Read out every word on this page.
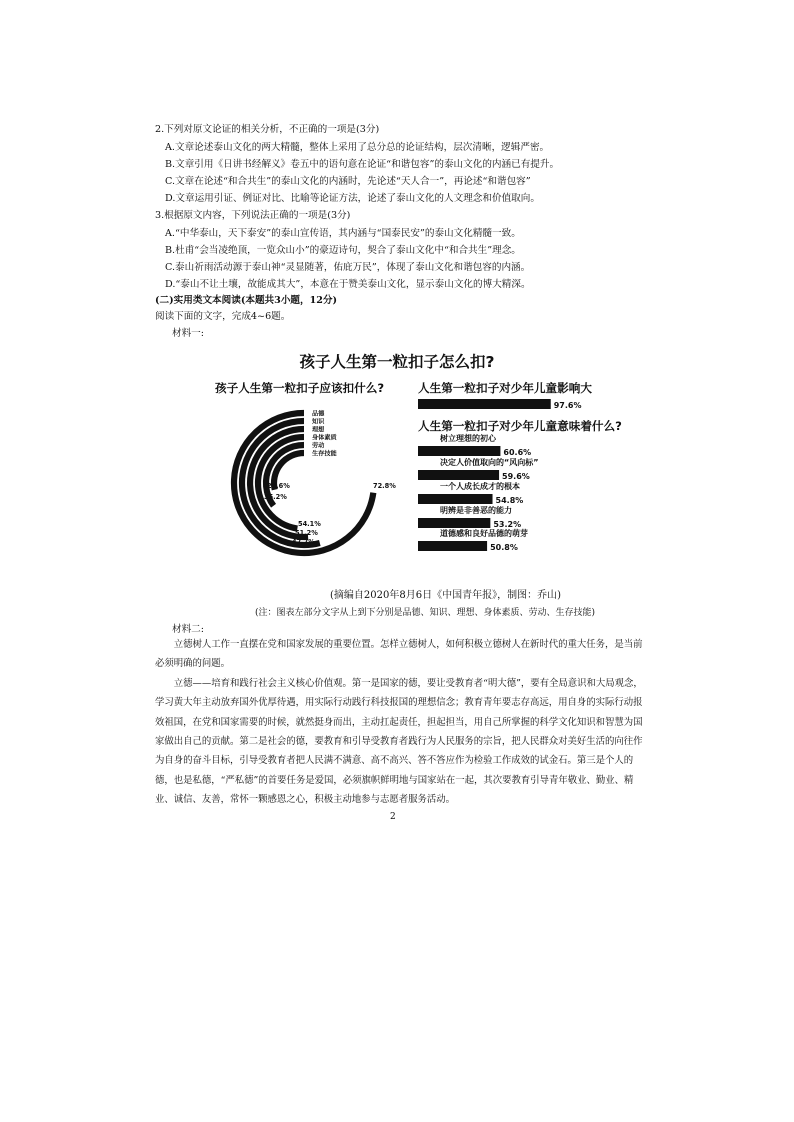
2.下列对原文论证的相关分析，不正确的一项是(3分)
A.文章论述泰山文化的两大精髓，整体上采用了总分总的论证结构，层次清晰，逻辑严密。
B.文章引用《日讲书经解义》卷五中的语句意在论证“和谐包容”的泰山文化的内涵已有提升。
C.文章在论述“和合共生”的泰山文化的内涵时，先论述“天人合一”，再论述“和谐包容”
D.文章运用引证、例证对比、比喻等论证方法，论述了泰山文化的人文理念和价值取向。
3.根据原文内容，下列说法正确的一项是(3分)
A.“中华泰山，天下泰安”的泰山宣传语，其内涵与“国泰民安”的泰山文化精髓一致。
B.杜甫“会当凌绝顶，一览众山小”的豪迈诗句，契合了泰山文化中“和合共生”理念。
C.泰山祈雨活动源于泰山神“灵显随著，佑庇万民”，体现了泰山文化和谐包容的内涵。
D.“泰山不让土壤，故能成其大”，本意在于赞美泰山文化，显示泰山文化的博大精深。
(二)实用类文本阅读(本题共3小题，12分)
阅读下面的文字，完成4~6题。
材料一:
孩子人生第一粒扣子怎么扣?
孩子人生第一粒扣子应该扣什么?	人生第一粒扣子对少年儿童影响大
人生第一粒扣子对少年儿童意味着什么?
品德
72.8%
知识
54.1%
理想
51.2%
身体素质
47.7%
劳动
35.2%
生存技能
28.6%
97.6%
60.6%
树立理想的初心
59.6%
决定人价值取向的“风向标”
54.8%
一个人成长成才的根本
53.2%
明辨是非善恶的能力
50.8%
道德感和良好品德的萌芽
(摘编自2020年8月6日《中国青年报》，制图：乔山)
(注：图表左部分文字从上到下分别是品德、知识、理想、身体素质、劳动、生存技能)
材料二:

立德树人工作一直摆在党和国家发展的重要位置。怎样立德树人，如何积极立德树人在新时代的重大任务，是当前必须明确的问题。

立德——培育和践行社会主义核心价值观。第一是国家的德，要让受教育者“明大德”，要有全局意识和大局观念，学习黄大年主动放弃国外优厚待遇，用实际行动践行科技报国的理想信念；教育青年要志存高远，用自身的实际行动报效祖国，在党和国家需要的时候，就然挺身而出，主动扛起责任，担起担当，用自己所掌握的科学文化知识和智慧为国家做出自己的贡献。第二是社会的德，要教育和引导受教育者践行为人民服务的宗旨，把人民群众对美好生活的向往作为自身的奋斗目标，引导受教育者把人民满不满意、高不高兴、答不答应作为检验工作成效的试金石。第三是个人的德，也是私德，“严私德”的首要任务是爱国，必须旗帜鲜明地与国家站在一起，其次要教育引导青年敬业、勤业、精业、诚信、友善，常怀一颗感恩之心，积极主动地参与志愿者服务活动。

2
